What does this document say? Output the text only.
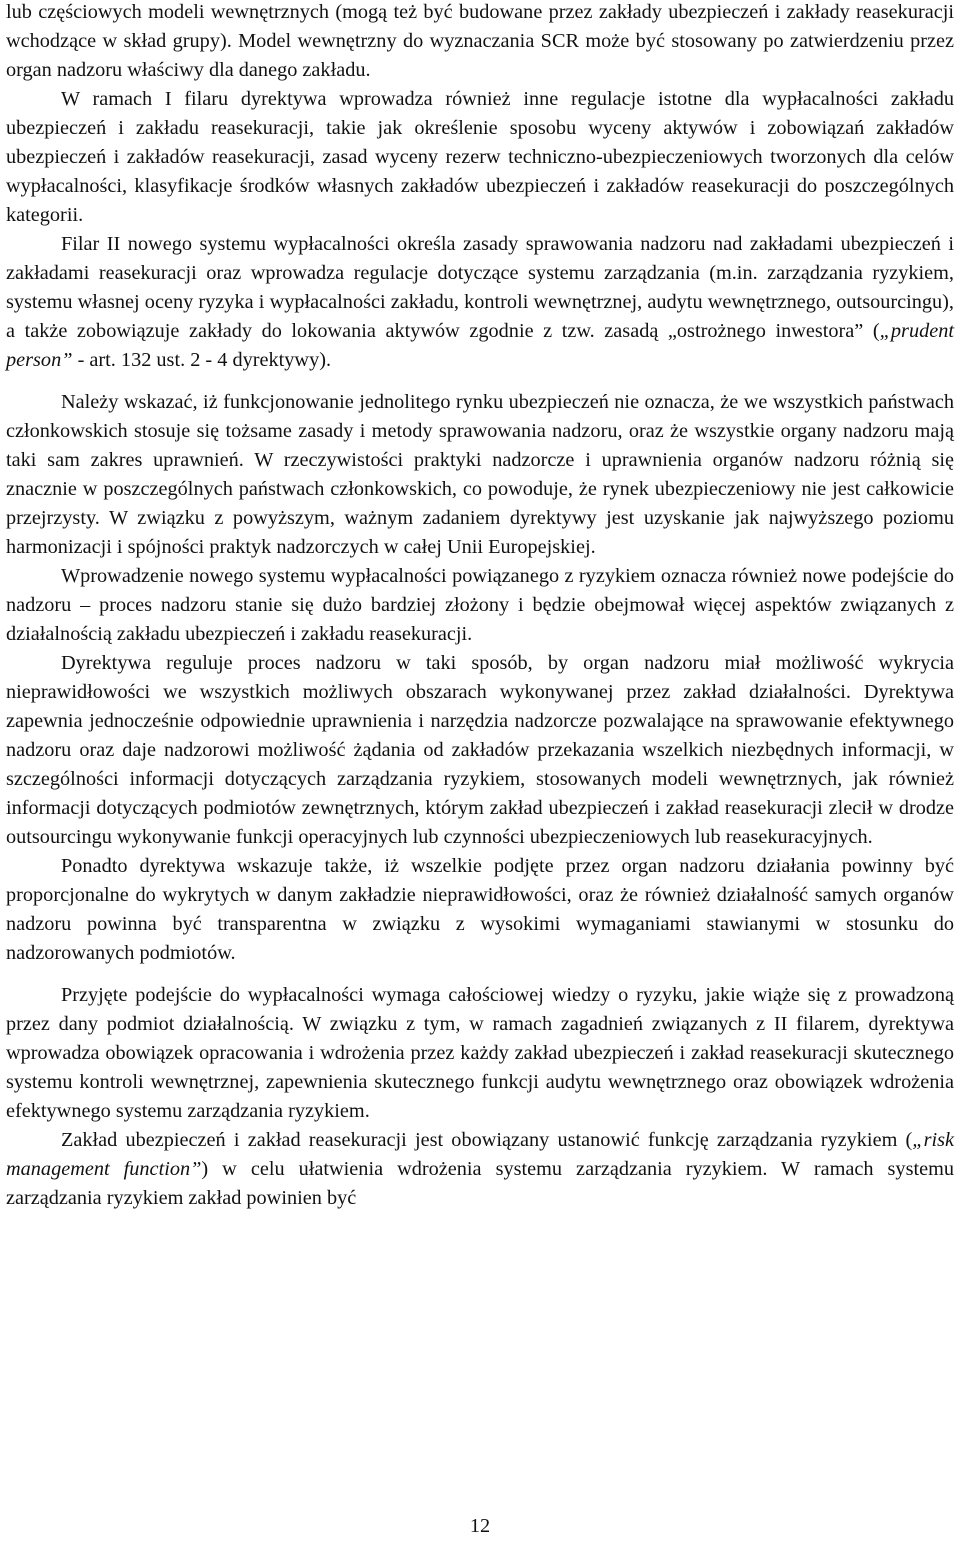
lub częściowych modeli wewnętrznych (mogą też być budowane przez zakłady ubezpieczeń i zakłady reasekuracji wchodzące w skład grupy). Model wewnętrzny do wyznaczania SCR może być stosowany po zatwierdzeniu przez organ nadzoru właściwy dla danego zakładu.

W ramach I filaru dyrektywa wprowadza również inne regulacje istotne dla wypłacalności zakładu ubezpieczeń i zakładu reasekuracji, takie jak określenie sposobu wyceny aktywów i zobowiązań zakładów ubezpieczeń i zakładów reasekuracji, zasad wyceny rezerw techniczno-ubezpieczeniowych tworzonych dla celów wypłacalności, klasyfikacje środków własnych zakładów ubezpieczeń i zakładów reasekuracji do poszczególnych kategorii.

Filar II nowego systemu wypłacalności określa zasady sprawowania nadzoru nad zakładami ubezpieczeń i zakładami reasekuracji oraz wprowadza regulacje dotyczące systemu zarządzania (m.in. zarządzania ryzykiem, systemu własnej oceny ryzyka i wypłacalności zakładu, kontroli wewnętrznej, audytu wewnętrznego, outsourcingu), a także zobowiązuje zakłady do lokowania aktywów zgodnie z tzw. zasadą „ostrożnego inwestora” („prudent person” - art. 132 ust. 2 - 4 dyrektywy).

Należy wskazać, iż funkcjonowanie jednolitego rynku ubezpieczeń nie oznacza, że we wszystkich państwach członkowskich stosuje się tożsame zasady i metody sprawowania nadzoru, oraz że wszystkie organy nadzoru mają taki sam zakres uprawnień. W rzeczywistości praktyki nadzorcze i uprawnienia organów nadzoru różnią się znacznie w poszczególnych państwach członkowskich, co powoduje, że rynek ubezpieczeniowy nie jest całkowicie przejrzysty. W związku z powyższym, ważnym zadaniem dyrektywy jest uzyskanie jak najwyższego poziomu harmonizacji i spójności praktyk nadzorczych w całej Unii Europejskiej.

Wprowadzenie nowego systemu wypłacalności powiązanego z ryzykiem oznacza również nowe podejście do nadzoru – proces nadzoru stanie się dużo bardziej złożony i będzie obejmował więcej aspektów związanych z działalnością zakładu ubezpieczeń i zakładu reasekuracji.

Dyrektywa reguluje proces nadzoru w taki sposób, by organ nadzoru miał możliwość wykrycia nieprawidłowości we wszystkich możliwych obszarach wykonywanej przez zakład działalności. Dyrektywa zapewnia jednocześnie odpowiednie uprawnienia i narzędzia nadzorcze pozwalające na sprawowanie efektywnego nadzoru oraz daje nadzorowi możliwość żądania od zakładów przekazania wszelkich niezbędnych informacji, w szczególności informacji dotyczących zarządzania ryzykiem, stosowanych modeli wewnętrznych, jak również informacji dotyczących podmiotów zewnętrznych, którym zakład ubezpieczeń i zakład reasekuracji zlecił w drodze outsourcingu wykonywanie funkcji operacyjnych lub czynności ubezpieczeniowych lub reasekuracyjnych.

Ponadto dyrektywa wskazuje także, iż wszelkie podjęte przez organ nadzoru działania powinny być proporcjonalne do wykrytych w danym zakładzie nieprawidłowości, oraz że również działalność samych organów nadzoru powinna być transparentna w związku z wysokimi wymaganiami stawianymi w stosunku do nadzorowanych podmiotów.

Przyjęte podejście do wypłacalności wymaga całościowej wiedzy o ryzyku, jakie wiąże się z prowadzoną przez dany podmiot działalnością. W związku z tym, w ramach zagadnień związanych z II filarem, dyrektywa wprowadza obowiązek opracowania i wdrożenia przez każdy zakład ubezpieczeń i zakład reasekuracji skutecznego systemu kontroli wewnętrznej, zapewnienia skutecznego funkcji audytu wewnętrznego oraz obowiązek wdrożenia efektywnego systemu zarządzania ryzykiem.

Zakład ubezpieczeń i zakład reasekuracji jest obowiązany ustanowić funkcję zarządzania ryzykiem („risk management function”) w celu ułatwienia wdrożenia systemu zarządzania ryzykiem. W ramach systemu zarządzania ryzykiem zakład powinien być

12
